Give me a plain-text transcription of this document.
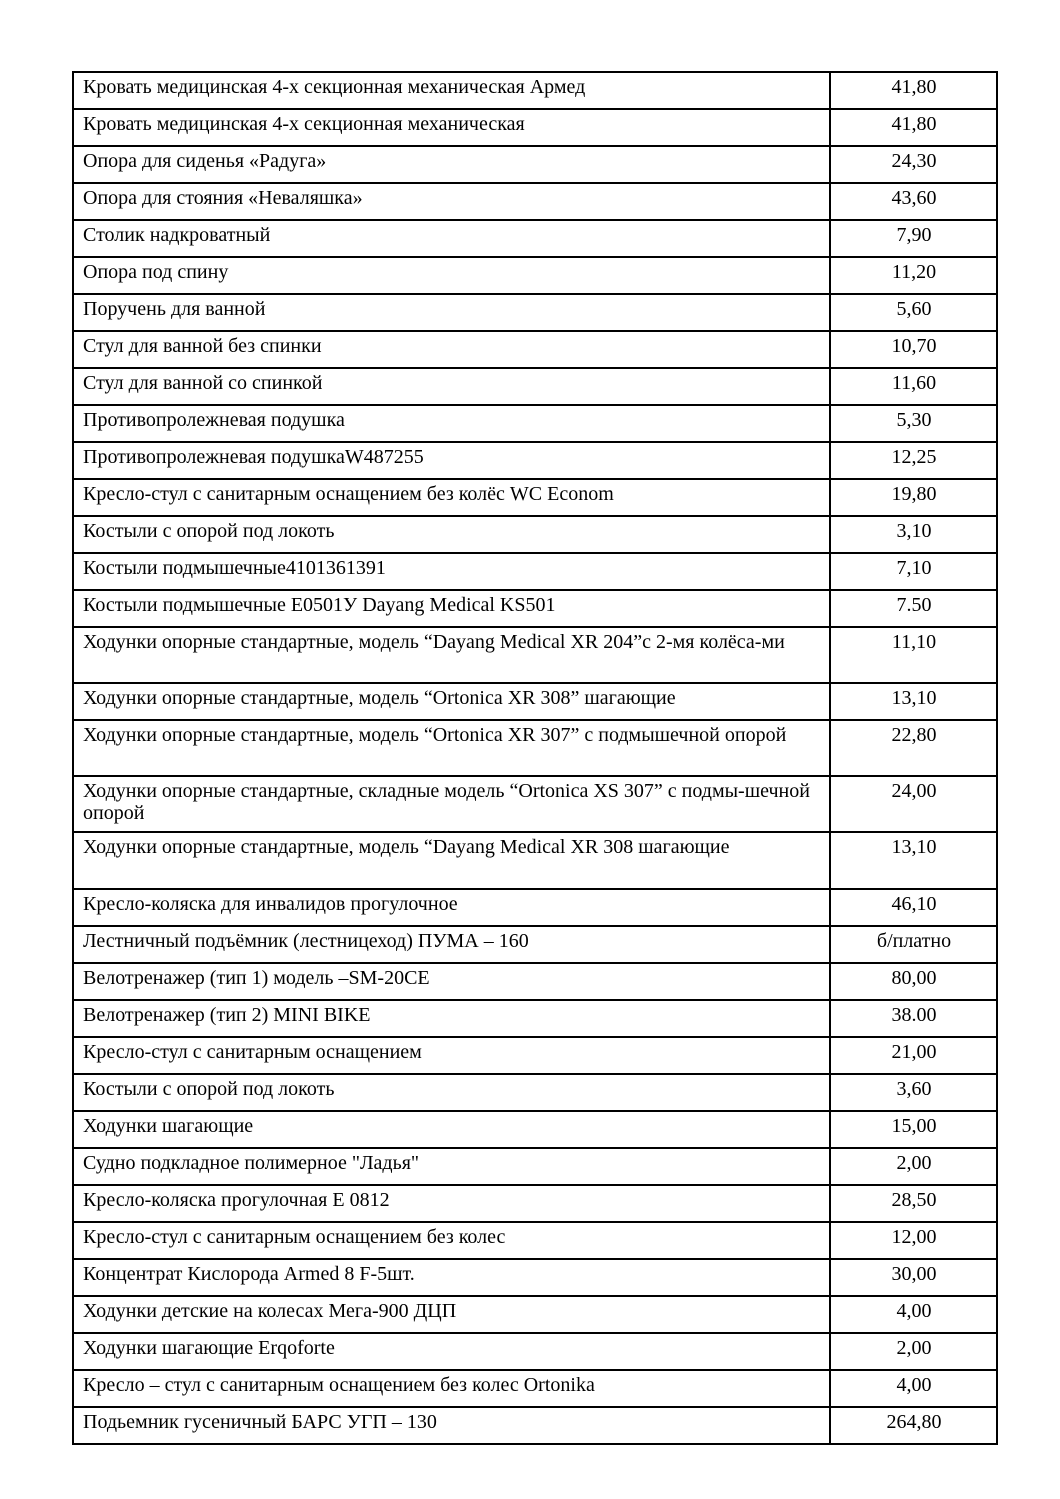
Кровать медицинская 4-х секционная механическая Армед	41,80
Кровать медицинская 4-х секционная механическая	41,80
Опора для сиденья «Радуга»	24,30
Опора для стояния «Неваляшка»	43,60
Столик надкроватный	7,90
Опора под спину	11,20
Поручень для ванной	5,60
Стул для ванной без спинки	10,70
Стул для ванной со спинкой	11,60
Противопролежневая подушка	5,30
Противопролежневая подушкаW487255	12,25
Кресло-стул с санитарным оснащением без колёс WC Econom	19,80
Костыли с опорой под локоть	3,10
Костыли подмышечные4101361391	7,10
Костыли подмышечные Е0501У Dayang Medical KS501	7.50
Ходунки опорные стандартные, модель “Dayang Medical XR 204”с 2-мя колёса-ми	11,10
Ходунки опорные стандартные, модель “Ortonica XR 308” шагающие	13,10
Ходунки опорные стандартные, модель “Ortonica XR 307” с подмышечной опорой	22,80
Ходунки опорные стандартные, складные модель “Ortonica XS 307” с подмы-шечной опорой	24,00
Ходунки опорные стандартные, модель “Dayang Medical XR 308 шагающие	13,10
Кресло-коляска для инвалидов прогулочное	46,10
Лестничный подъёмник (лестницеход) ПУМА – 160	б/платно
Велотренажер (тип 1) модель –SM-20CE	80,00
Велотренажер (тип 2) MINI BIKE	38.00
Кресло-стул с санитарным оснащением	21,00
Костыли с опорой под локоть	3,60
Ходунки шагающие	15,00
Судно подкладное полимерное "Ладья"	2,00
Кресло-коляска прогулочная Е 0812	28,50
Кресло-стул с санитарным оснащением без колес	12,00
Концентрат Кислорода Armed 8 F-5шт.	30,00
Ходунки детские на колесах Мега-900 ДЦП	4,00
Ходунки шагающие Erqoforte	2,00
Кресло – стул с санитарным оснащением без колес Ortonika	4,00
Подьемник гусеничный БАРС УГП – 130	264,80
